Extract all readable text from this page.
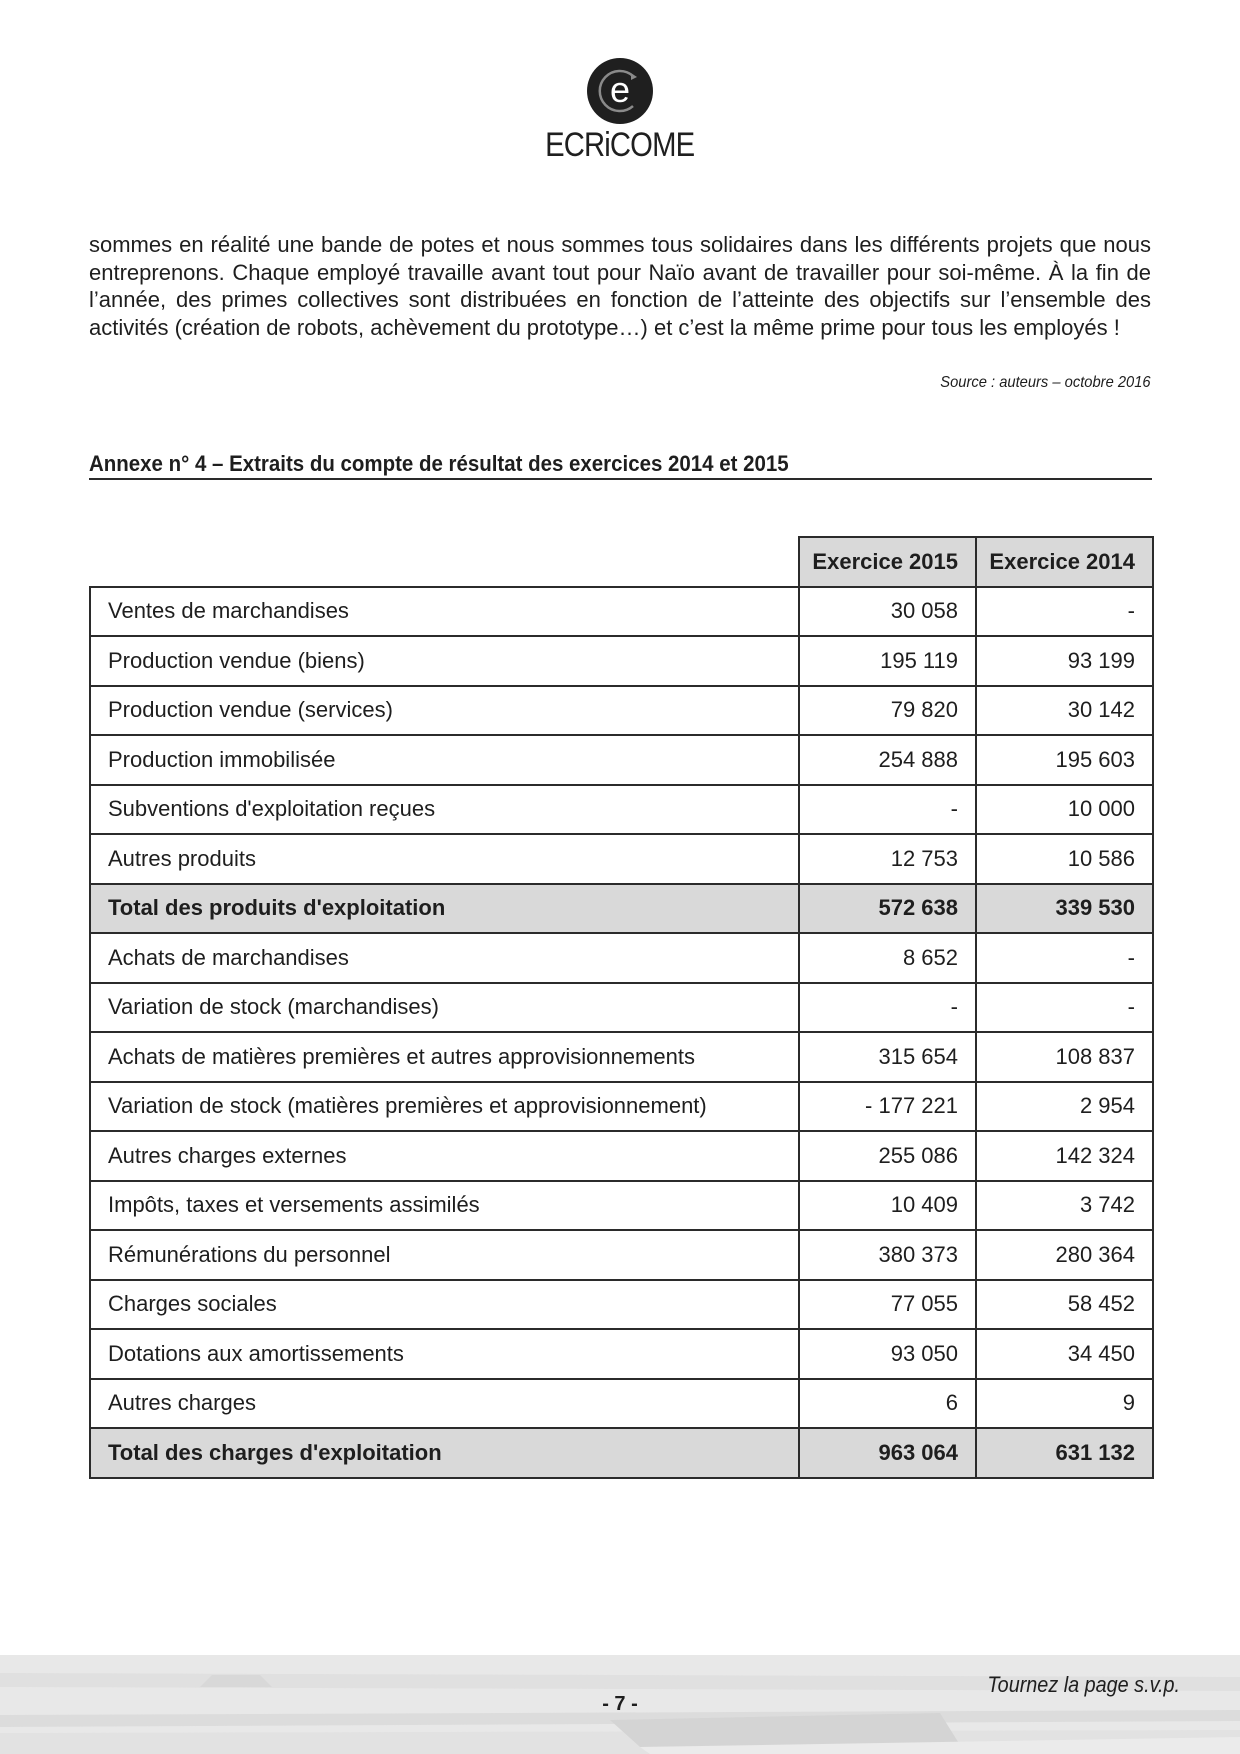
e
ECRiCOME

sommes en réalité une bande de potes et nous sommes tous solidaires dans les différents projets que nous entreprenons. Chaque employé travaille avant tout pour Naïo avant de travailler pour soi-même. À la fin de l’année, des primes collectives sont distribuées en fonction de l’atteinte des objectifs sur l’ensemble des activités (création de robots, achèvement du prototype…) et c’est la même prime pour tous les employés !

Source : auteurs – octobre 2016
Annexe n° 4 – Extraits du compte de résultat des exercices 2014 et 2015
	Exercice 2015	Exercice 2014
Ventes de marchandises	30 058	-
Production vendue (biens)	195 119	93 199
Production vendue (services)	79 820	30 142
Production immobilisée	254 888	195 603
Subventions d'exploitation reçues	-	10 000
Autres produits	12 753	10 586
Total des produits d'exploitation	572 638	339 530
Achats de marchandises	8 652	-
Variation de stock (marchandises)	-	-
Achats de matières premières et autres approvisionnements	315 654	108 837
Variation de stock (matières premières et approvisionnement)	- 177 221	2 954
Autres charges externes	255 086	142 324
Impôts, taxes et versements assimilés	10 409	3 742
Rémunérations du personnel	380 373	280 364
Charges sociales	77 055	58 452
Dotations aux amortissements	93 050	34 450
Autres charges	6	9
Total des charges d'exploitation	963 064	631 132
Tournez la page s.v.p.
- 7 -
